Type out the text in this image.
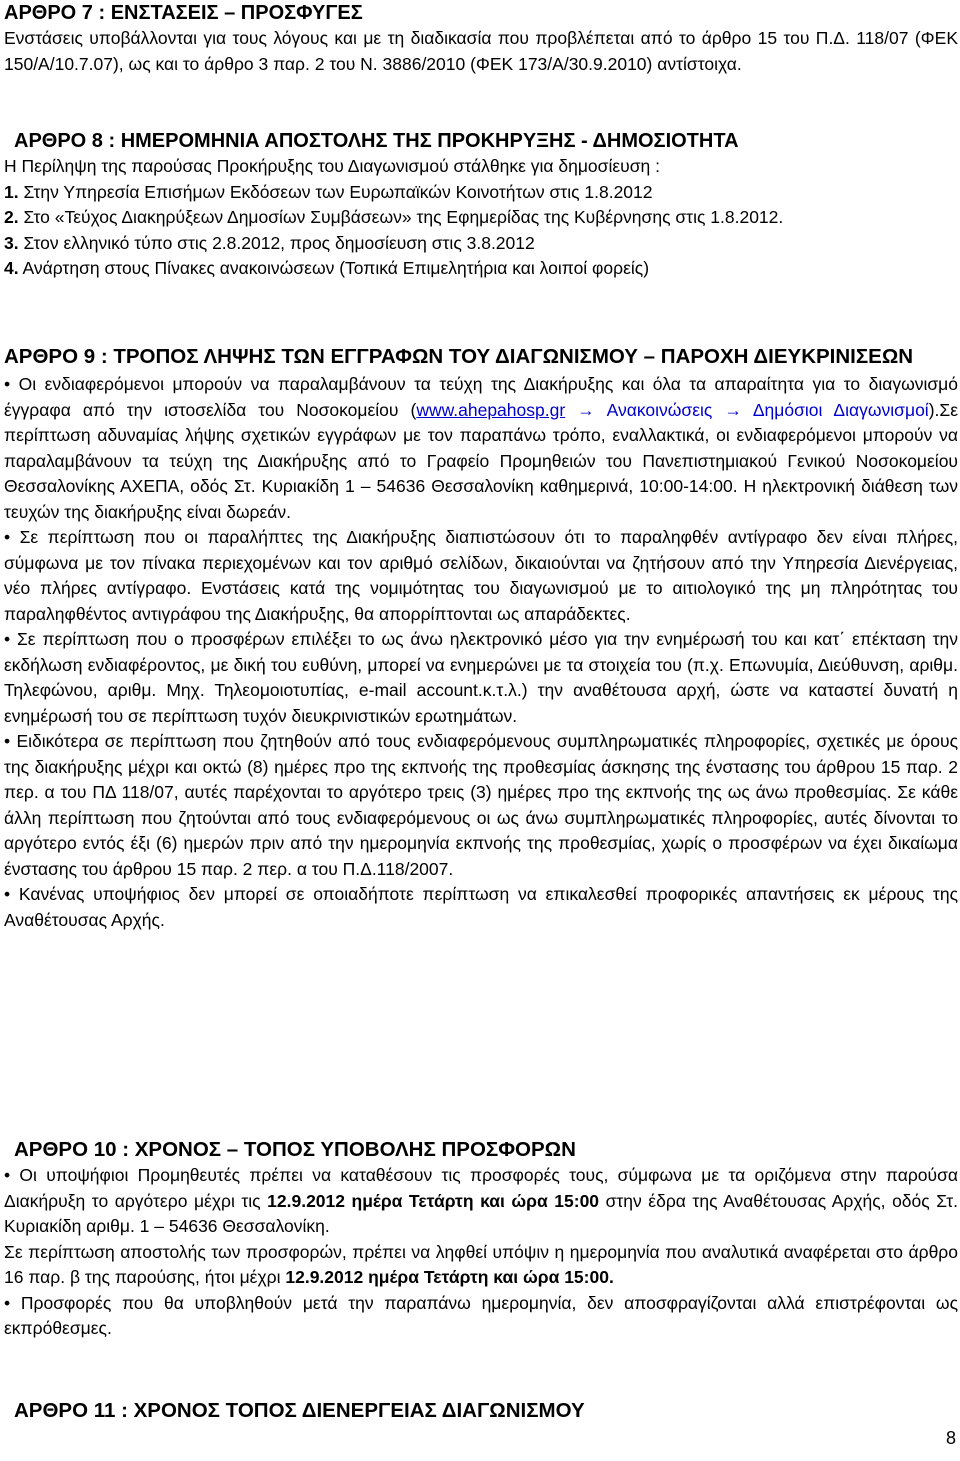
ΑΡΘΡΟ 7 : ΕΝΣΤΑΣΕΙΣ – ΠΡΟΣΦΥΓΕΣ

Ενστάσεις υποβάλλονται για τους λόγους και με τη διαδικασία που προβλέπεται από το άρθρο 15 του Π.Δ. 118/07 (ΦΕΚ 150/Α/10.7.07), ως και το άρθρο 3 παρ. 2 του Ν. 3886/2010 (ΦΕΚ 173/Α/30.9.2010) αντίστοιχα.

ΑΡΘΡΟ 8 : ΗΜΕΡΟΜΗΝΙΑ ΑΠΟΣΤΟΛΗΣ ΤΗΣ ΠΡΟΚΗΡΥΞΗΣ - ΔΗΜΟΣΙΟΤΗΤΑ

Η Περίληψη της παρούσας Προκήρυξης του Διαγωνισμού στάλθηκε για δημοσίευση :

1. Στην Υπηρεσία Επισήμων Εκδόσεων των Ευρωπαϊκών Κοινοτήτων στις 1.8.2012

2. Στο «Τεύχος Διακηρύξεων Δημοσίων Συμβάσεων» της Εφημερίδας της Κυβέρνησης στις 1.8.2012.

3. Στον ελληνικό τύπο στις 2.8.2012, προς δημοσίευση στις 3.8.2012

4. Ανάρτηση στους Πίνακες ανακοινώσεων (Τοπικά Επιμελητήρια και λοιποί φορείς)

ΑΡΘΡΟ 9 : ΤΡΟΠΟΣ ΛΗΨΗΣ ΤΩΝ ΕΓΓΡΑΦΩΝ ΤΟΥ ΔΙΑΓΩΝΙΣΜΟΥ – ΠΑΡΟΧΗ ΔΙΕΥΚΡΙΝΙΣΕΩΝ

• Οι ενδιαφερόμενοι μπορούν να παραλαμβάνουν τα τεύχη της Διακήρυξης και όλα τα απαραίτητα για το διαγωνισμό έγγραφα από την ιστοσελίδα του Νοσοκομείου (www.ahepahosp.gr → Ανακοινώσεις → Δημόσιοι Διαγωνισμοί).Σε περίπτωση αδυναμίας λήψης σχετικών εγγράφων με τον παραπάνω τρόπο, εναλλακτικά, οι ενδιαφερόμενοι μπορούν να παραλαμβάνουν τα τεύχη της Διακήρυξης από το Γραφείο Προμηθειών του Πανεπιστημιακού Γενικού Νοσοκομείου Θεσσαλονίκης ΑΧΕΠΑ, οδός Στ. Κυριακίδη 1 – 54636 Θεσσαλονίκη καθημερινά, 10:00-14:00. Η ηλεκτρονική διάθεση των τευχών της διακήρυξης είναι δωρεάν.

• Σε περίπτωση που οι παραλήπτες της Διακήρυξης διαπιστώσουν ότι το παραληφθέν αντίγραφο δεν είναι πλήρες, σύμφωνα με τον πίνακα περιεχομένων και τον αριθμό σελίδων, δικαιούνται να ζητήσουν από την Υπηρεσία Διενέργειας, νέο πλήρες αντίγραφο. Ενστάσεις κατά της νομιμότητας του διαγωνισμού με το αιτιολογικό της μη πληρότητας του παραληφθέντος αντιγράφου της Διακήρυξης, θα απορρίπτονται ως απαράδεκτες.

• Σε περίπτωση που ο προσφέρων επιλέξει το ως άνω ηλεκτρονικό μέσο για την ενημέρωσή του και κατ΄ επέκταση την εκδήλωση ενδιαφέροντος, με δική του ευθύνη, μπορεί να ενημερώνει με τα στοιχεία του (π.χ. Επωνυμία, Διεύθυνση, αριθμ. Τηλεφώνου, αριθμ. Μηχ. Τηλεομοιοτυπίας, e-mail account.κ.τ.λ.) την αναθέτουσα αρχή, ώστε να καταστεί δυνατή η ενημέρωσή του σε περίπτωση τυχόν διευκρινιστικών ερωτημάτων.

• Ειδικότερα σε περίπτωση που ζητηθούν από τους ενδιαφερόμενους συμπληρωματικές πληροφορίες, σχετικές με όρους της διακήρυξης μέχρι και οκτώ (8) ημέρες προ της εκπνοής της προθεσμίας άσκησης της ένστασης του άρθρου 15 παρ. 2 περ. α του ΠΔ 118/07, αυτές παρέχονται το αργότερο τρεις (3) ημέρες προ της εκπνοής της ως άνω προθεσμίας. Σε κάθε άλλη περίπτωση που ζητούνται από τους ενδιαφερόμενους οι ως άνω συμπληρωματικές πληροφορίες, αυτές δίνονται το αργότερο εντός έξι (6) ημερών πριν από την ημερομηνία εκπνοής της προθεσμίας, χωρίς ο προσφέρων να έχει δικαίωμα ένστασης του άρθρου 15 παρ. 2 περ. α του Π.Δ.118/2007.

• Κανένας υποψήφιος δεν μπορεί σε οποιαδήποτε περίπτωση να επικαλεσθεί προφορικές απαντήσεις εκ μέρους της Αναθέτουσας Αρχής.

ΑΡΘΡΟ 10 : ΧΡΟΝΟΣ – ΤΟΠΟΣ ΥΠΟΒΟΛΗΣ ΠΡΟΣΦΟΡΩΝ

• Οι υποψήφιοι Προμηθευτές πρέπει να καταθέσουν τις προσφορές τους, σύμφωνα με τα οριζόμενα στην παρούσα Διακήρυξη το αργότερο μέχρι τις 12.9.2012 ημέρα Τετάρτη και ώρα 15:00 στην έδρα της Αναθέτουσας Αρχής, οδός Στ. Κυριακίδη αριθμ. 1 – 54636 Θεσσαλονίκη.

Σε περίπτωση αποστολής των προσφορών, πρέπει να ληφθεί υπόψιν η ημερομηνία που αναλυτικά αναφέρεται στο άρθρο 16 παρ. β της παρούσης, ήτοι μέχρι 12.9.2012 ημέρα Τετάρτη και ώρα 15:00.

• Προσφορές που θα υποβληθούν μετά την παραπάνω ημερομηνία, δεν αποσφραγίζονται αλλά επιστρέφονται ως εκπρόθεσμες.

ΑΡΘΡΟ 11 : ΧΡΟΝΟΣ ΤΟΠΟΣ ΔΙΕΝΕΡΓΕΙΑΣ ΔΙΑΓΩΝΙΣΜΟΥ
8
